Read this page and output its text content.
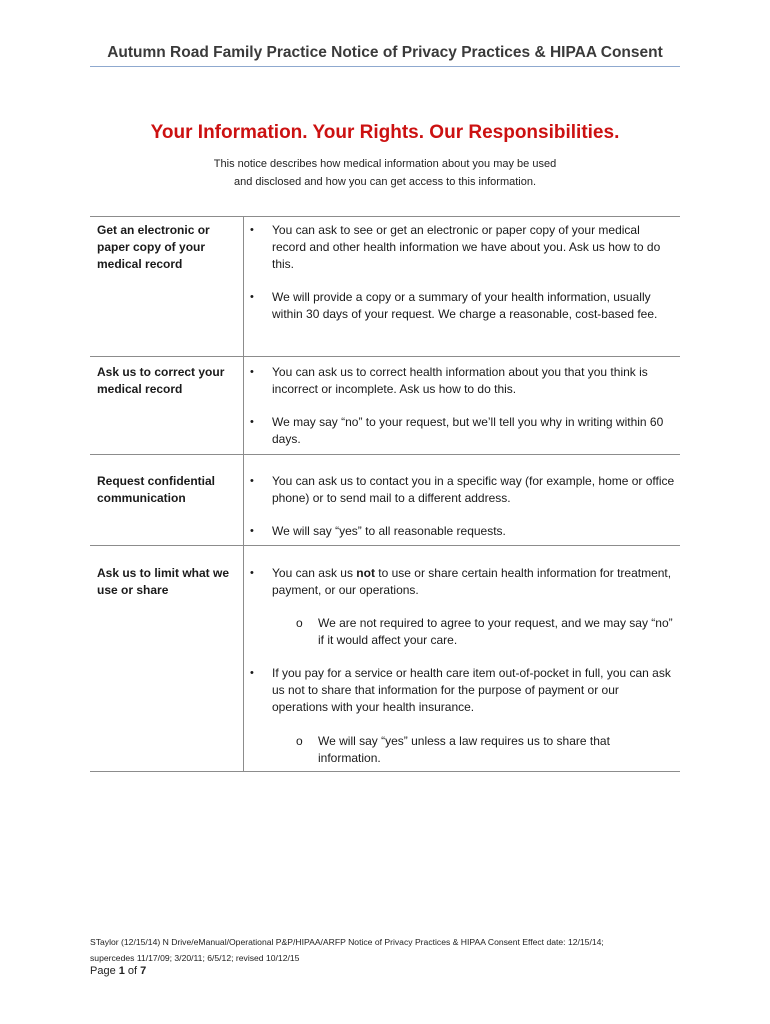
Autumn Road Family Practice Notice of Privacy Practices & HIPAA Consent
Your Information. Your Rights. Our Responsibilities.
This notice describes how medical information about you may be used
and disclosed and how you can get access to this information.
Get an electronic or paper copy of your medical record
• You can ask to see or get an electronic or paper copy of your medical record and other health information we have about you. Ask us how to do this.
• We will provide a copy or a summary of your health information, usually within 30 days of your request. We charge a reasonable, cost-based fee.
Ask us to correct your medical record
• You can ask us to correct health information about you that you think is incorrect or incomplete. Ask us how to do this.
• We may say “no” to your request, but we’ll tell you why in writing within 60 days.
Request confidential communication
• You can ask us to contact you in a specific way (for example, home or office phone) or to send mail to a different address.
• We will say “yes” to all reasonable requests.
Ask us to limit what we use or share
• You can ask us not to use or share certain health information for treatment, payment, or our operations.
o We are not required to agree to your request, and we may say “no” if it would affect your care.
• If you pay for a service or health care item out-of-pocket in full, you can ask us not to share that information for the purpose of payment or our operations with your health insurance.
o We will say “yes” unless a law requires us to share that information.
STaylor (12/15/14) N Drive/eManual/Operational P&P/HIPAA/ARFP Notice of Privacy Practices & HIPAA Consent Effect date: 12/15/14;
supercedes 11/17/09; 3/20/11; 6/5/12; revised 10/12/15
Page 1 of 7
